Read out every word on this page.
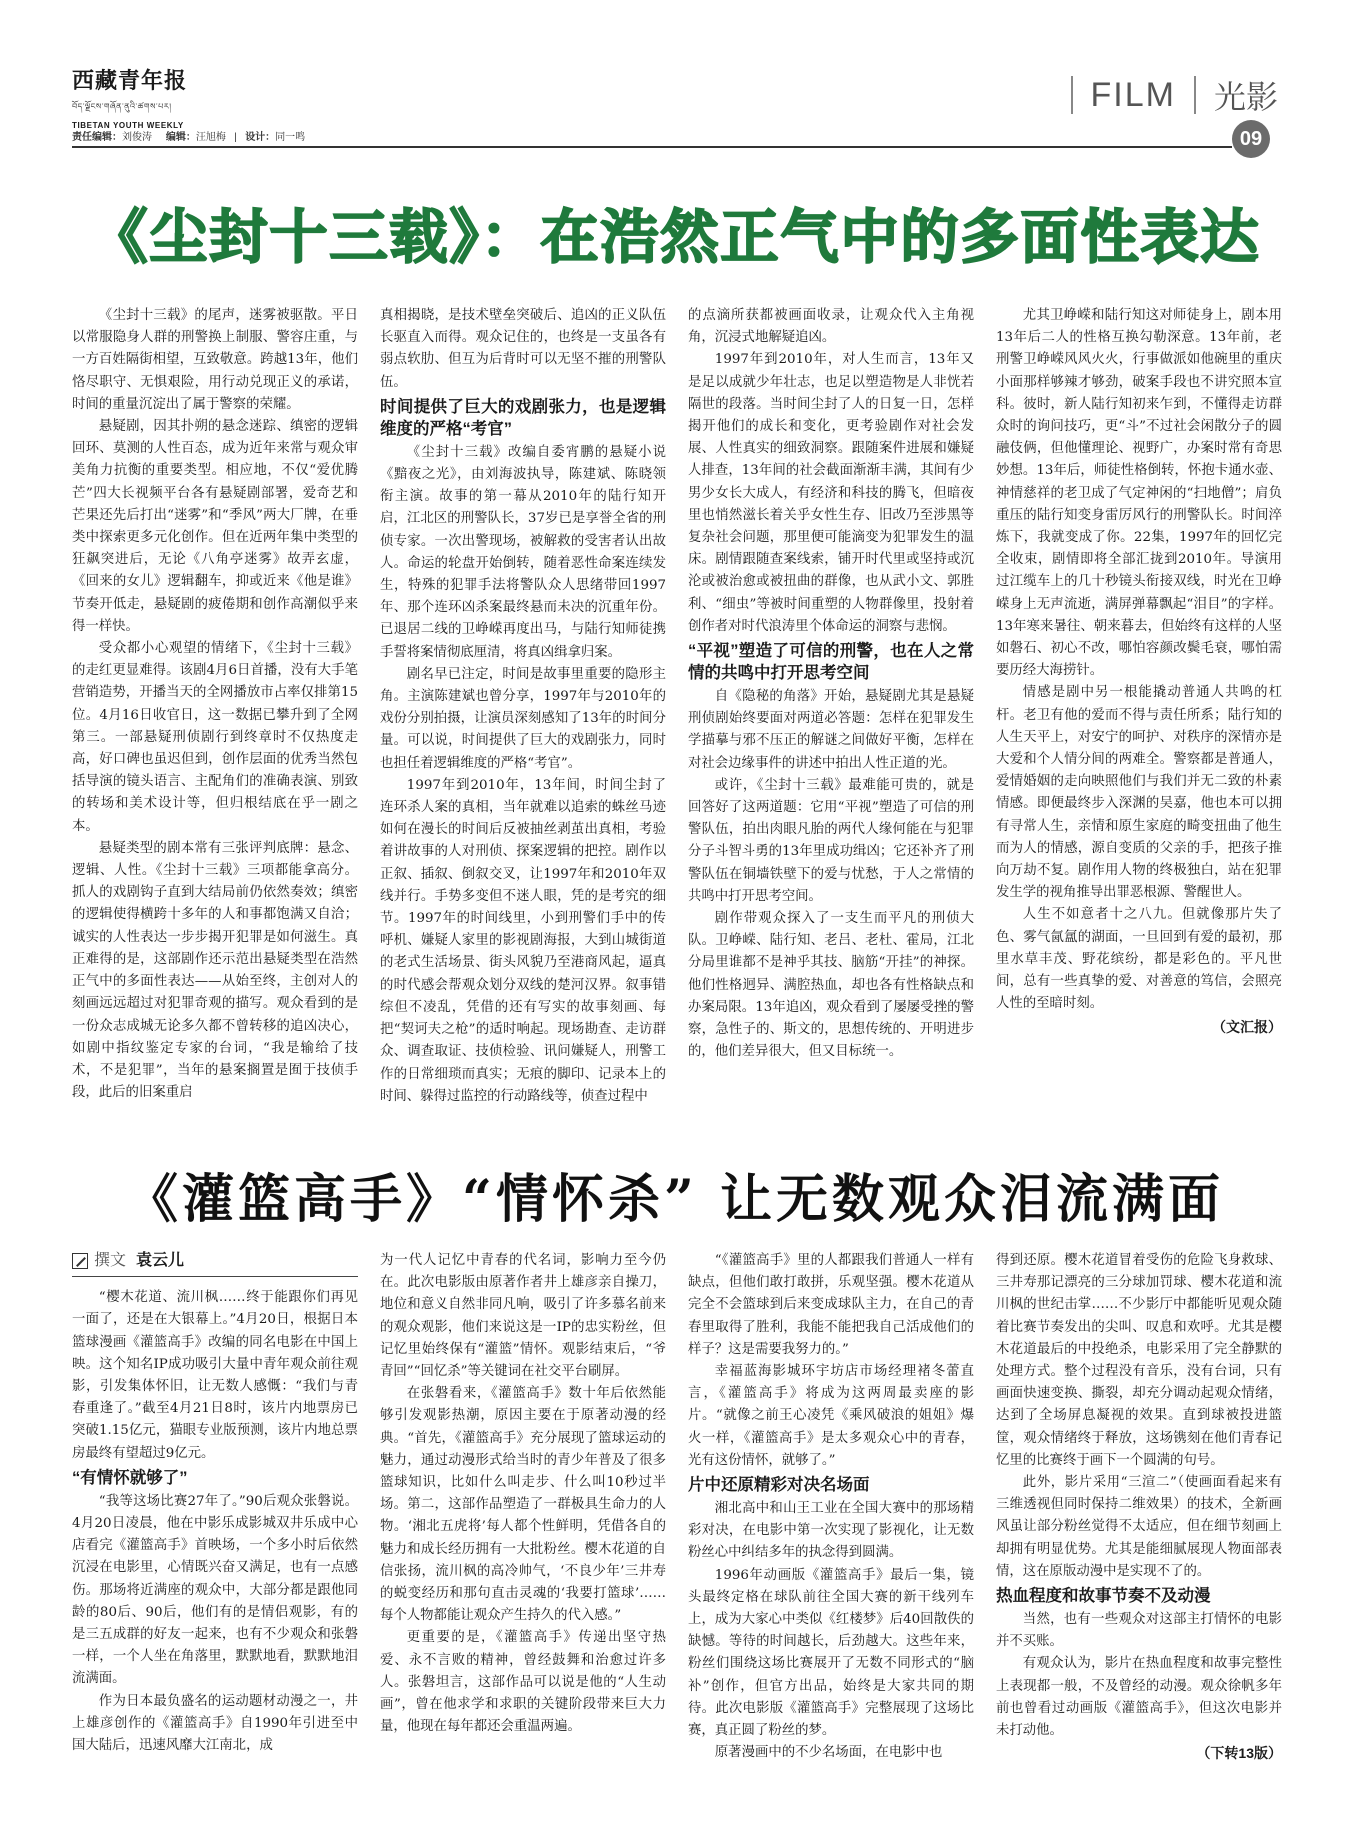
西藏青年报
བོད་ལྗོངས་གཞོན་ནུའི་ཚགས་པར།
TIBETAN YOUTH WEEKLY
FILM 光影
责任编辑：刘俊涛 编辑：汪旭梅   |   设计：同一鸣	09
《尘封十三载》：在浩然正气中的多面性表达

《尘封十三载》的尾声，迷雾被驱散。平日以常服隐身人群的刑警换上制服、警容庄重，与一方百姓隔街相望，互致敬意。跨越13年，他们恪尽职守、无惧艰险，用行动兑现正义的承诺，时间的重量沉淀出了属于警察的荣耀。

悬疑剧，因其扑朔的悬念迷踪、缜密的逻辑回环、莫测的人性百态，成为近年来常与观众审美角力抗衡的重要类型。相应地，不仅“爱优腾芒”四大长视频平台各有悬疑剧部署，爱奇艺和芒果还先后打出“迷雾”和“季风”两大厂牌，在垂类中探索更多元化创作。但在近两年集中类型的狂飙突进后，无论《八角亭迷雾》故弄玄虚，《回来的女儿》逻辑翻车，抑或近来《他是谁》节奏开低走，悬疑剧的疲倦期和创作高潮似乎来得一样快。

受众都小心观望的情绪下，《尘封十三载》的走红更显难得。该剧4月6日首播，没有大手笔营销造势，开播当天的全网播放市占率仅排第15位。4月16日收官日，这一数据已攀升到了全网第三。一部悬疑刑侦剧行到终章时不仅热度走高，好口碑也虽迟但到，创作层面的优秀当然包括导演的镜头语言、主配角们的准确表演、别致的转场和美术设计等，但归根结底在乎一剧之本。

悬疑类型的剧本常有三张评判底牌：悬念、逻辑、人性。《尘封十三载》三项都能拿高分。抓人的戏剧钩子直到大结局前仍依然奏效；缜密的逻辑使得横跨十多年的人和事都饱满又自洽；诚实的人性表达一步步揭开犯罪是如何滋生。真正难得的是，这部剧作还示范出悬疑类型在浩然正气中的多面性表达——从始至终，主创对人的刻画远远超过对犯罪奇观的描写。观众看到的是一份众志成城无论多久都不曾转移的追凶决心，如剧中指纹鉴定专家的台词，“我是输给了技术，不是犯罪”，当年的悬案搁置是囿于技侦手段，此后的旧案重启

真相揭晓，是技术壁垒突破后、追凶的正义队伍长驱直入而得。观众记住的，也终是一支虽各有弱点软肋、但互为后背时可以无坚不摧的刑警队伍。

时间提供了巨大的戏剧张力，也是逻辑维度的严格“考官”

《尘封十三载》改编自委宵鹏的悬疑小说《黯夜之光》，由刘海波执导，陈建斌、陈晓领衔主演。故事的第一幕从2010年的陆行知开启，江北区的刑警队长，37岁已是享誉全省的刑侦专家。一次出警现场，被解救的受害者认出故人。命运的轮盘开始倒转，随着恶性命案连续发生，特殊的犯罪手法将警队众人思绪带回1997年、那个连环凶杀案最终悬而未决的沉重年份。已退居二线的卫峥嵘再度出马，与陆行知师徒携手誓将案情彻底厘清，将真凶缉拿归案。

剧名早已注定，时间是故事里重要的隐形主角。主演陈建斌也曾分享，1997年与2010年的戏份分别拍摄，让演员深刻感知了13年的时间分量。可以说，时间提供了巨大的戏剧张力，同时也担任着逻辑维度的严格“考官”。

1997年到2010年，13年间，时间尘封了连环杀人案的真相，当年就难以追索的蛛丝马迹如何在漫长的时间后反被抽丝剥茧出真相，考验着讲故事的人对刑侦、探案逻辑的把控。剧作以正叙、插叙、倒叙交叉，让1997年和2010年双线并行。手势多变但不迷人眼，凭的是考究的细节。1997年的时间线里，小到刑警们手中的传呼机、嫌疑人家里的影视剧海报，大到山城街道的老式生活场景、街头风貌乃至港商风起，逼真的时代感会帮观众划分双线的楚河汉界。叙事错综但不凌乱，凭借的还有写实的故事刻画、每把“契诃夫之枪”的适时响起。现场勘查、走访群众、调查取证、技侦检验、讯问嫌疑人，刑警工作的日常细琐而真实；无痕的脚印、记录本上的时间、躲得过监控的行动路线等，侦查过程中

的点滴所获都被画面收录，让观众代入主角视角，沉浸式地解疑追凶。

1997年到2010年，对人生而言，13年又是足以成就少年壮志，也足以塑造物是人非恍若隔世的段落。当时间尘封了人的日复一日，怎样揭开他们的成长和变化，更考验剧作对社会发展、人性真实的细致洞察。跟随案件进展和嫌疑人排查，13年间的社会截面渐渐丰满，其间有少男少女长大成人，有经济和科技的腾飞，但暗夜里也悄然滋长着关乎女性生存、旧改乃至涉黑等复杂社会问题，那里便可能滴变为犯罪发生的温床。剧情跟随查案线索，铺开时代里或坚持或沉沦或被治愈或被扭曲的群像，也从武小文、郭胜利、“细虫”等被时间重塑的人物群像里，投射着创作者对时代浪涛里个体命运的洞察与悲悯。

“平视”塑造了可信的刑警，也在人之常情的共鸣中打开思考空间

自《隐秘的角落》开始，悬疑剧尤其是悬疑刑侦剧始终要面对两道必答题：怎样在犯罪发生学描摹与邪不压正的解谜之间做好平衡，怎样在对社会边缘事件的讲述中拍出人性正道的光。

或许，《尘封十三载》最难能可贵的，就是回答好了这两道题：它用“平视”塑造了可信的刑警队伍，拍出肉眼凡胎的两代人缘何能在与犯罪分子斗智斗勇的13年里成功缉凶；它还补齐了刑警队伍在铜墙铁壁下的爱与忧愁，于人之常情的共鸣中打开思考空间。

剧作带观众探入了一支生而平凡的刑侦大队。卫峥嵘、陆行知、老吕、老杜、霍局，江北分局里谁都不是神乎其技、脑筋“开挂”的神探。他们性格迥异、满腔热血，却也各有性格缺点和办案局限。13年追凶，观众看到了屡屡受挫的警察，急性子的、斯文的，思想传统的、开明进步的，他们差异很大，但又目标统一。

尤其卫峥嵘和陆行知这对师徒身上，剧本用13年后二人的性格互换勾勒深意。13年前，老刑警卫峥嵘风风火火，行事做派如他碗里的重庆小面那样够辣才够劲，破案手段也不讲究照本宣科。彼时，新人陆行知初来乍到，不懂得走访群众时的询问技巧，更“斗”不过社会闲散分子的圆融伎俩，但他懂理论、视野广，办案时常有奇思妙想。13年后，师徒性格倒转，怀抱卡通水壶、神情慈祥的老卫成了气定神闲的“扫地僧”；肩负重压的陆行知变身雷厉风行的刑警队长。时间淬炼下，我就变成了你。22集，1997年的回忆完全收束，剧情即将全部汇拢到2010年。导演用过江缆车上的几十秒镜头衔接双线，时光在卫峥嵘身上无声流逝，满屏弹幕飘起“泪目”的字样。13年寒来暑往、朝来暮去，但始终有这样的人坚如磐石、初心不改，哪怕容颜改鬓毛衰，哪怕需要历经大海捞针。

情感是剧中另一根能撬动普通人共鸣的杠杆。老卫有他的爱而不得与责任所系；陆行知的人生天平上，对安宁的呵护、对秩序的深情亦是大爱和个人情分间的两难全。警察都是普通人，爱情婚姻的走向映照他们与我们并无二致的朴素情感。即便最终步入深渊的吴嘉，他也本可以拥有寻常人生，亲情和原生家庭的畸变扭曲了他生而为人的情感，源自变质的父亲的手，把孩子推向万劫不复。剧作用人物的终极独白，站在犯罪发生学的视角推导出罪恶根源、警醒世人。

人生不如意者十之八九。但就像那片失了色、雾气氤氲的湖面，一旦回到有爱的最初，那里水草丰茂、野花缤纷，都是彩色的。平凡世间，总有一些真挚的爱、对善意的笃信，会照亮人性的至暗时刻。

（文汇报）

《灌篮高手》“情怀杀” 让无数观众泪流满面
撰文 袁云儿

“樱木花道、流川枫……终于能跟你们再见一面了，还是在大银幕上。”4月20日，根据日本篮球漫画《灌篮高手》改编的同名电影在中国上映。这个知名IP成功吸引大量中青年观众前往观影，引发集体怀旧，让无数人感慨：“我们与青春重逢了。”截至4月21日8时，该片内地票房已突破1.15亿元，猫眼专业版预测，该片内地总票房最终有望超过9亿元。

“有情怀就够了”

“我等这场比赛27年了。”90后观众张磐说。4月20日凌晨，他在中影乐成影城双井乐成中心店看完《灌篮高手》首映场，一个多小时后依然沉浸在电影里，心情既兴奋又满足，也有一点感伤。那场将近满座的观众中，大部分都是跟他同龄的80后、90后，他们有的是情侣观影，有的是三五成群的好友一起来，也有不少观众和张磐一样，一个人坐在角落里，默默地看，默默地泪流满面。

作为日本最负盛名的运动题材动漫之一，井上雄彦创作的《灌篮高手》自1990年引进至中国大陆后，迅速风靡大江南北，成

为一代人记忆中青春的代名词，影响力至今仍在。此次电影版由原著作者井上雄彦亲自操刀，地位和意义自然非同凡响，吸引了许多慕名前来的观众观影，他们来说这是一IP的忠实粉丝，但记忆里始终保有“灌篮”情怀。观影结束后，“爷青回”“回忆杀”等关键词在社交平台刷屏。

在张磐看来，《灌篮高手》数十年后依然能够引发观影热潮，原因主要在于原著动漫的经典。“首先，《灌篮高手》充分展现了篮球运动的魅力，通过动漫形式给当时的青少年普及了很多篮球知识，比如什么叫走步、什么叫10秒过半场。第二，这部作品塑造了一群极具生命力的人物。‘湘北五虎将’每人都个性鲜明，凭借各自的魅力和成长经历拥有一大批粉丝。樱木花道的自信张扬，流川枫的高冷帅气，‘不良少年’三井寿的蜕变经历和那句直击灵魂的‘我要打篮球’……每个人物都能让观众产生持久的代入感。”

更重要的是，《灌篮高手》传递出坚守热爱、永不言败的精神，曾经鼓舞和治愈过许多人。张磐坦言，这部作品可以说是他的“人生动画”，曾在他求学和求职的关键阶段带来巨大力量，他现在每年都还会重温两遍。

“《灌篮高手》里的人都跟我们普通人一样有缺点，但他们敢打敢拼，乐观坚强。樱木花道从完全不会篮球到后来变成球队主力，在自己的青春里取得了胜利，我能不能把我自己活成他们的样子？这是需要我努力的。”

幸福蓝海影城环宇坊店市场经理褚冬蕾直言，《灌篮高手》将成为这两周最卖座的影片。“就像之前王心凌凭《乘风破浪的姐姐》爆火一样，《灌篮高手》是太多观众心中的青春，光有这份情怀，就够了。”

片中还原精彩对决名场面

湘北高中和山王工业在全国大赛中的那场精彩对决，在电影中第一次实现了影视化，让无数粉丝心中纠结多年的执念得到圆满。

1996年动画版《灌篮高手》最后一集，镜头最终定格在球队前往全国大赛的新干线列车上，成为大家心中类似《红楼梦》后40回散佚的缺憾。等待的时间越长，后劲越大。这些年来，粉丝们围绕这场比赛展开了无数不同形式的“脑补”创作，但官方出品，始终是大家共同的期待。此次电影版《灌篮高手》完整展现了这场比赛，真正圆了粉丝的梦。

原著漫画中的不少名场面，在电影中也

得到还原。樱木花道冒着受伤的危险飞身救球、三井寿那记漂亮的三分球加罚球、樱木花道和流川枫的世纪击掌……不少影厅中都能听见观众随着比赛节奏发出的尖叫、叹息和欢呼。尤其是樱木花道最后的中投绝杀，电影采用了完全静默的处理方式。整个过程没有音乐，没有台词，只有画面快速变换、撕裂，却充分调动起观众情绪，达到了全场屏息凝视的效果。直到球被投进篮筐，观众情绪终于释放，这场镌刻在他们青春记忆里的比赛终于画下一个圆满的句号。

此外，影片采用“三渲二”（使画面看起来有三维透视但同时保持二维效果）的技术，全新画风虽让部分粉丝觉得不太适应，但在细节刻画上却拥有明显优势。尤其是能细腻展现人物面部表情，这在原版动漫中是实现不了的。

热血程度和故事节奏不及动漫

当然，也有一些观众对这部主打情怀的电影并不买账。

有观众认为，影片在热血程度和故事完整性上表现都一般，不及曾经的动漫。观众徐帆多年前也曾看过动画版《灌篮高手》，但这次电影并未打动他。

（下转13版）
